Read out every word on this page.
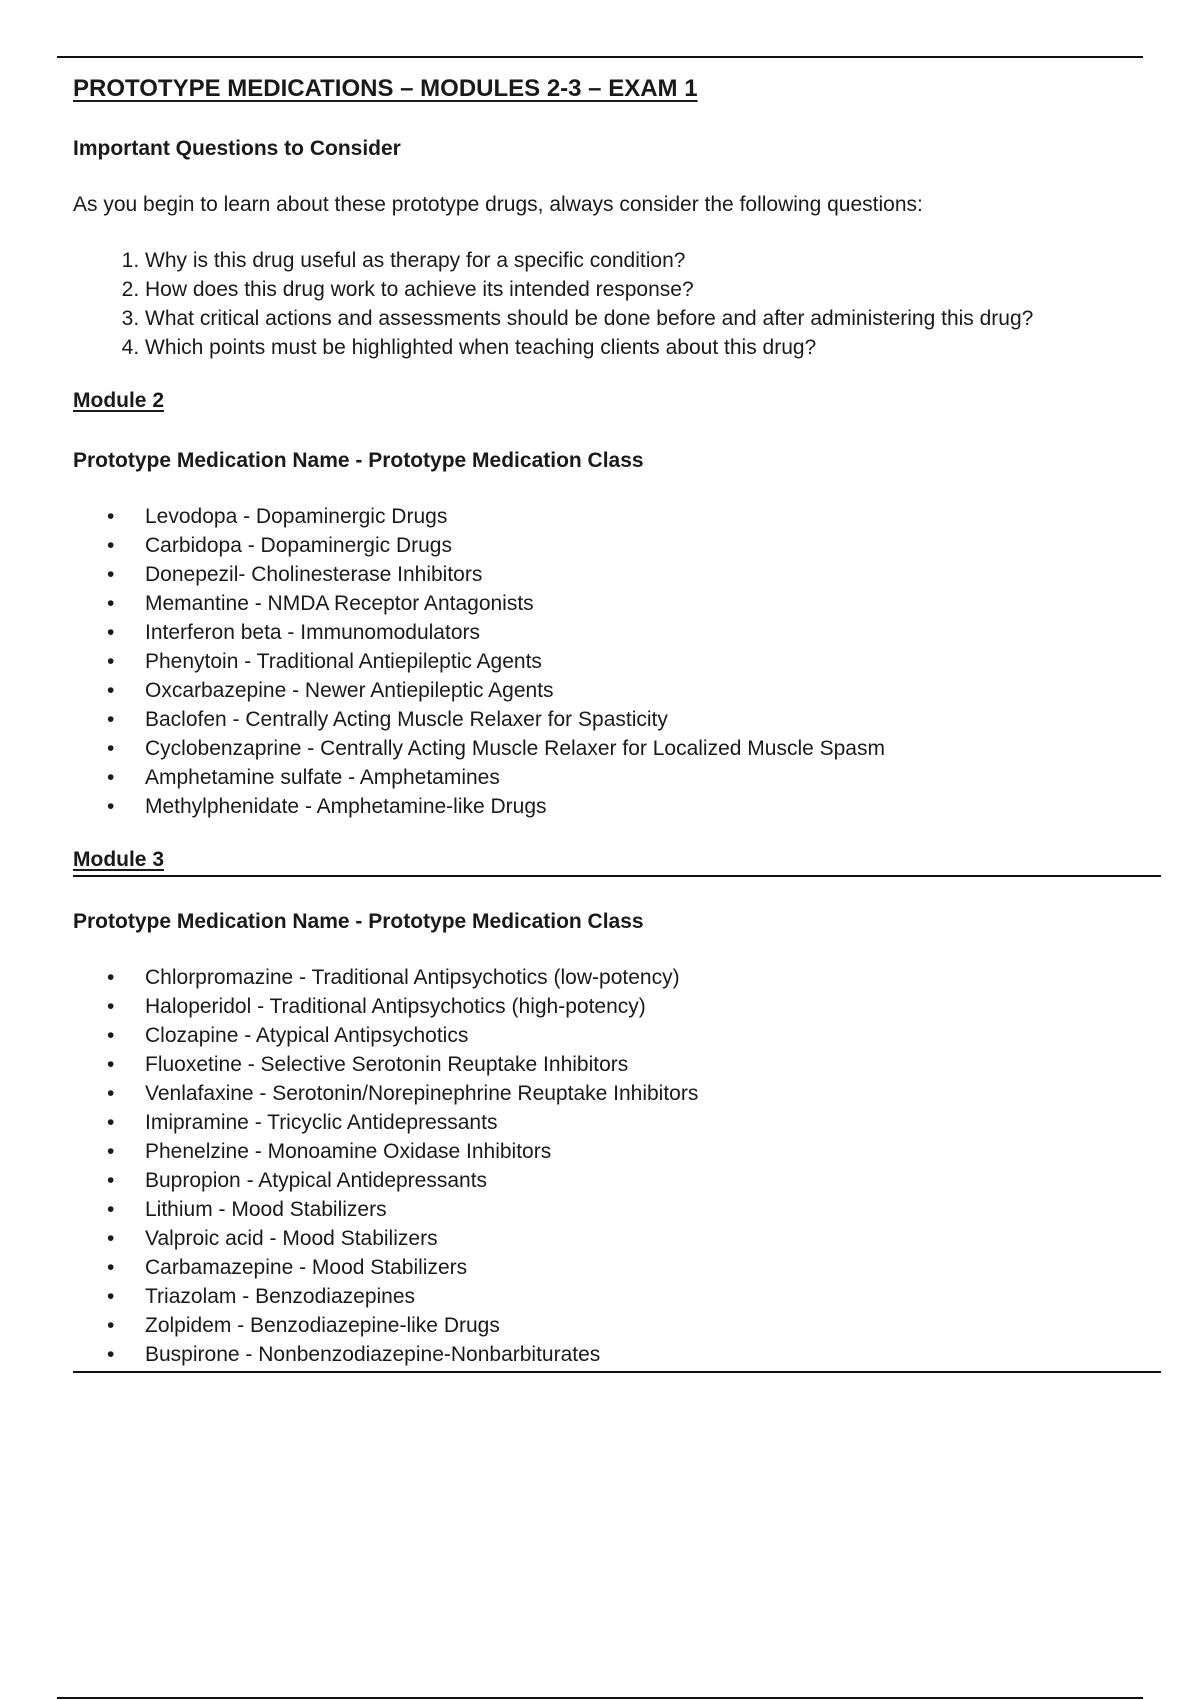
PROTOTYPE MEDICATIONS – MODULES 2-3 – EXAM 1

Important Questions to Consider

As you begin to learn about these prototype drugs, always consider the following questions:

1. Why is this drug useful as therapy for a specific condition?
2. How does this drug work to achieve its intended response?
3. What critical actions and assessments should be done before and after administering this drug?
4. Which points must be highlighted when teaching clients about this drug?

Module 2

Prototype Medication Name - Prototype Medication Class

• Levodopa - Dopaminergic Drugs
• Carbidopa - Dopaminergic Drugs
• Donepezil- Cholinesterase Inhibitors
• Memantine - NMDA Receptor Antagonists
• Interferon beta - Immunomodulators
• Phenytoin - Traditional Antiepileptic Agents
• Oxcarbazepine - Newer Antiepileptic Agents
• Baclofen - Centrally Acting Muscle Relaxer for Spasticity
• Cyclobenzaprine - Centrally Acting Muscle Relaxer for Localized Muscle Spasm
• Amphetamine sulfate - Amphetamines
• Methylphenidate - Amphetamine-like Drugs

Module 3

Prototype Medication Name - Prototype Medication Class

• Chlorpromazine - Traditional Antipsychotics (low-potency)
• Haloperidol - Traditional Antipsychotics (high-potency)
• Clozapine - Atypical Antipsychotics
• Fluoxetine - Selective Serotonin Reuptake Inhibitors
• Venlafaxine - Serotonin/Norepinephrine Reuptake Inhibitors
• Imipramine - Tricyclic Antidepressants
• Phenelzine - Monoamine Oxidase Inhibitors
• Bupropion - Atypical Antidepressants
• Lithium - Mood Stabilizers
• Valproic acid - Mood Stabilizers
• Carbamazepine - Mood Stabilizers
• Triazolam - Benzodiazepines
• Zolpidem - Benzodiazepine-like Drugs
• Buspirone - Nonbenzodiazepine-Nonbarbiturates
